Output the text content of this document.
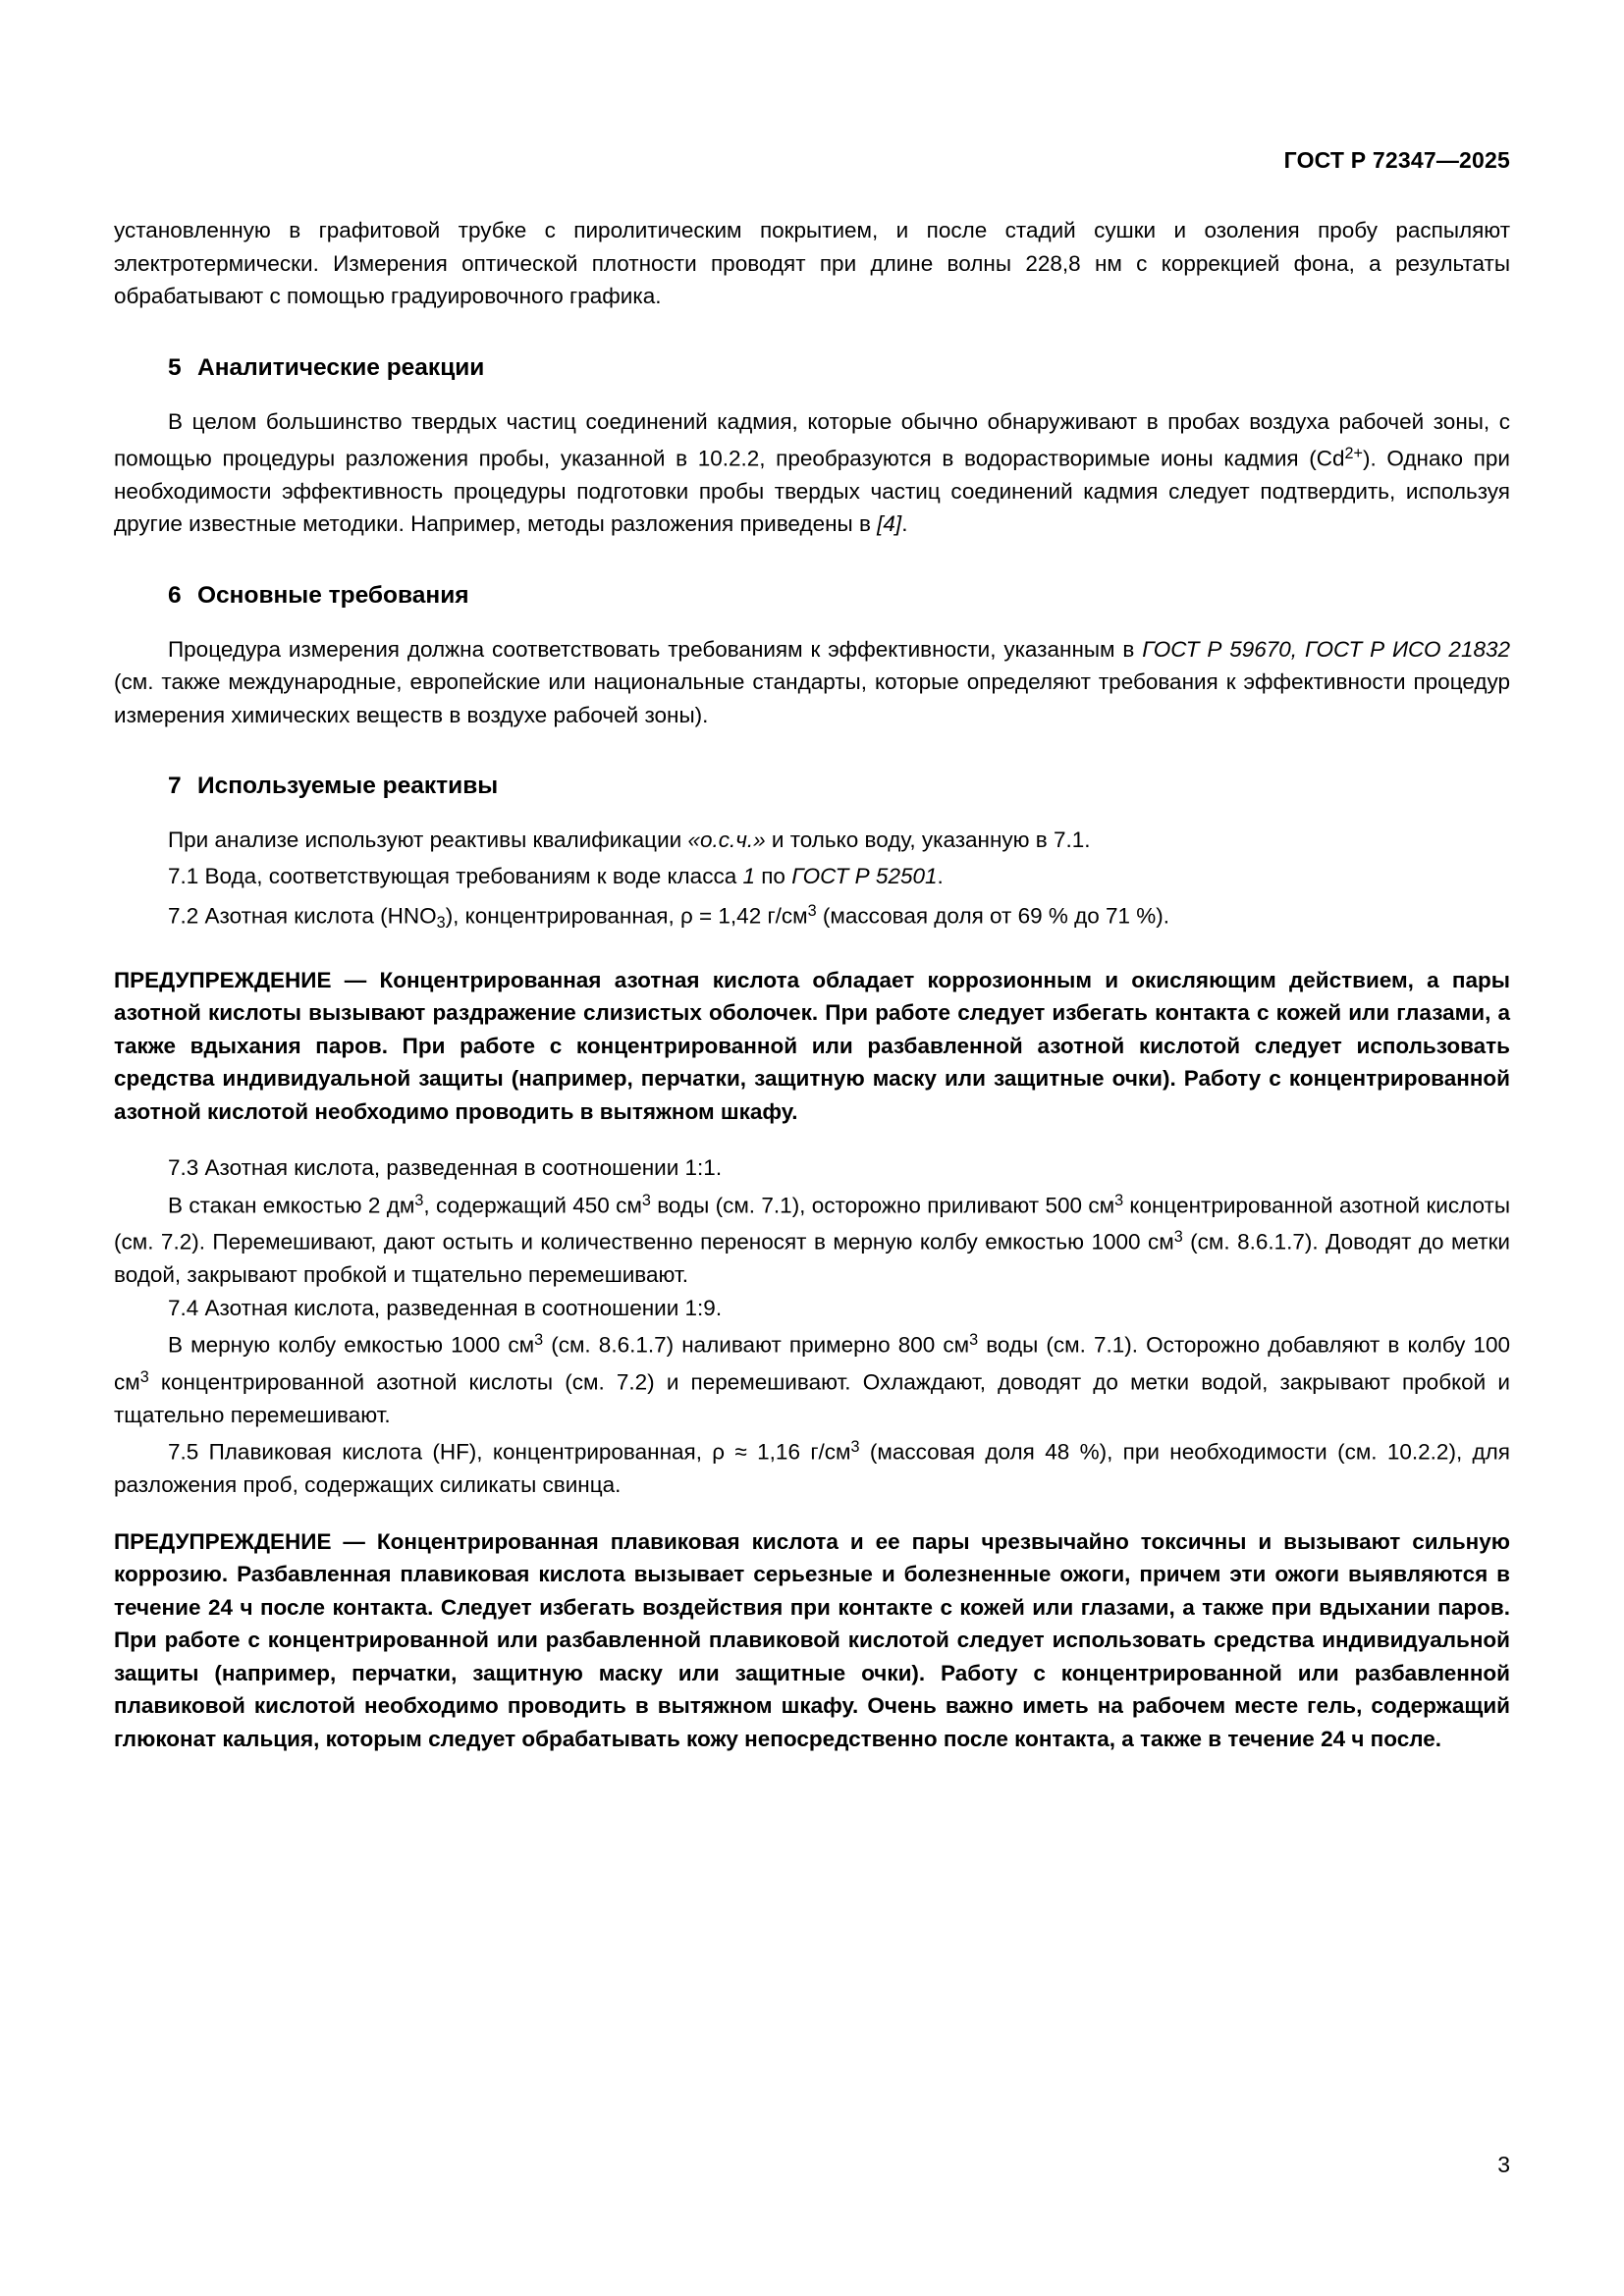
ГОСТ Р 72347—2025

установленную в графитовой трубке с пиролитическим покрытием, и после стадий сушки и озоления пробу распыляют электротермически. Измерения оптической плотности проводят при длине волны 228,8 нм с коррекцией фона, а результаты обрабатывают с помощью градуировочного графика.

5 Аналитические реакции

В целом большинство твердых частиц соединений кадмия, которые обычно обнаруживают в пробах воздуха рабочей зоны, с помощью процедуры разложения пробы, указанной в 10.2.2, преобразуются в водорастворимые ионы кадмия $(Cd^{2+})$. Однако при необходимости эффективность процедуры подготовки пробы твердых частиц соединений кадмия следует подтвердить, используя другие известные методики. Например, методы разложения приведены в [4].

6 Основные требования

Процедура измерения должна соответствовать требованиям к эффективности, указанным в ГОСТ Р 59670, ГОСТ Р ИСО 21832 (см. также международные, европейские или национальные стандарты, которые определяют требования к эффективности процедур измерения химических веществ в воздухе рабочей зоны).

7 Используемые реактивы

При анализе используют реактивы квалификации «о.с.ч.» и только воду, указанную в 7.1.

7.1 Вода, соответствующая требованиям к воде класса 1 по ГОСТ Р 52501.

7.2 Азотная кислота $(HNO_3)$, концентрированная, ρ = 1,42 $г/см^3$ (массовая доля от 69 % до 71 %).

ПРЕДУПРЕЖДЕНИЕ — Концентрированная азотная кислота обладает коррозионным и окисляющим действием, а пары азотной кислоты вызывают раздражение слизистых оболочек. При работе следует избегать контакта с кожей или глазами, а также вдыхания паров. При работе с концентрированной или разбавленной азотной кислотой следует использовать средства индивидуальной защиты (например, перчатки, защитную маску или защитные очки). Работу с концентрированной азотной кислотой необходимо проводить в вытяжном шкафу.

7.3 Азотная кислота, разведенная в соотношении 1:1.

В стакан емкостью 2 $дм^3$, содержащий 450 $см^3$ воды (см. 7.1), осторожно приливают 500 $см^3$ концентрированной азотной кислоты (см. 7.2). Перемешивают, дают остыть и количественно переносят в мерную колбу емкостью 1000 $см^3$ (см. 8.6.1.7). Доводят до метки водой, закрывают пробкой и тщательно перемешивают.

7.4 Азотная кислота, разведенная в соотношении 1:9.

В мерную колбу емкостью 1000 $см^3$ (см. 8.6.1.7) наливают примерно 800 $см^3$ воды (см. 7.1). Осторожно добавляют в колбу 100 $см^3$ концентрированной азотной кислоты (см. 7.2) и перемешивают. Охлаждают, доводят до метки водой, закрывают пробкой и тщательно перемешивают.

7.5 Плавиковая кислота (HF), концентрированная, ρ ≈ 1,16 $г/см^3$ (массовая доля 48 %), при необходимости (см. 10.2.2), для разложения проб, содержащих силикаты свинца.

ПРЕДУПРЕЖДЕНИЕ — Концентрированная плавиковая кислота и ее пары чрезвычайно токсичны и вызывают сильную коррозию. Разбавленная плавиковая кислота вызывает серьезные и болезненные ожоги, причем эти ожоги выявляются в течение 24 ч после контакта. Следует избегать воздействия при контакте с кожей или глазами, а также при вдыхании паров. При работе с концентрированной или разбавленной плавиковой кислотой следует использовать средства индивидуальной защиты (например, перчатки, защитную маску или защитные очки). Работу с концентрированной или разбавленной плавиковой кислотой необходимо проводить в вытяжном шкафу. Очень важно иметь на рабочем месте гель, содержащий глюконат кальция, которым следует обрабатывать кожу непосредственно после контакта, а также в течение 24 ч после.

3
